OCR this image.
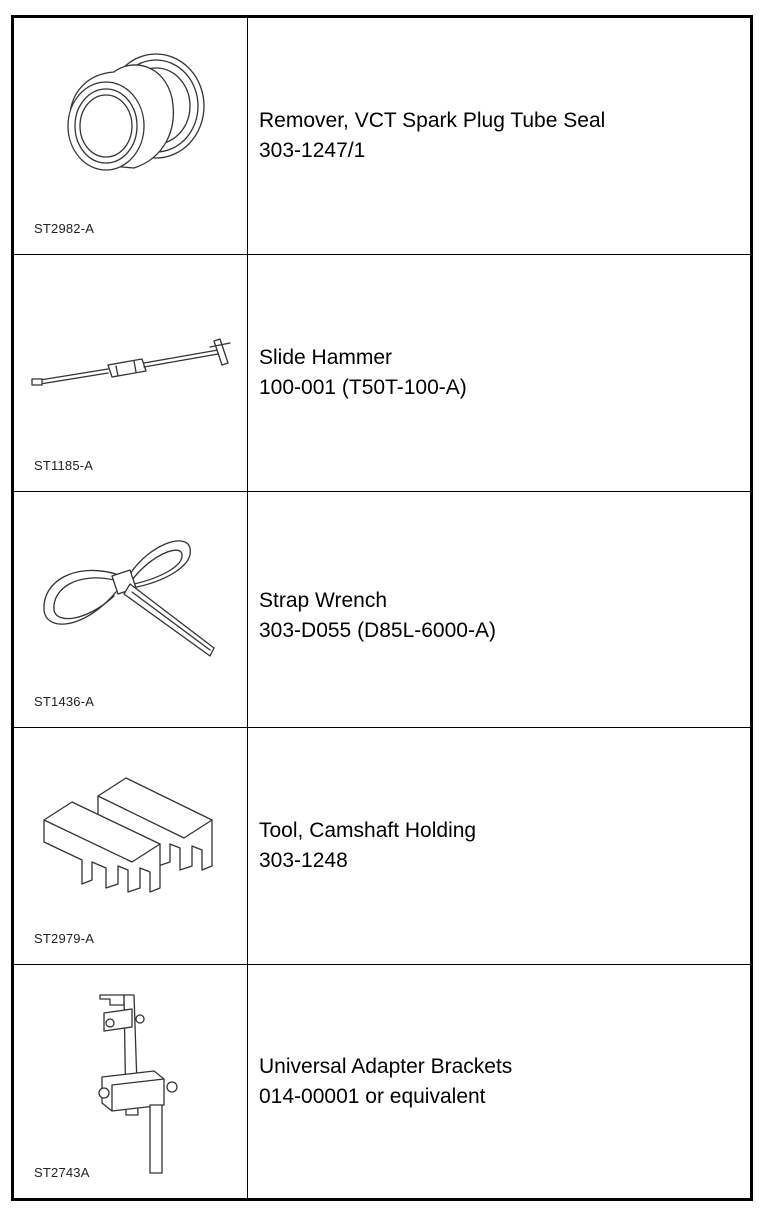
ST2982-A
Remover, VCT Spark Plug Tube Seal
303-1247/1
ST1185-A
Slide Hammer
100-001 (T50T-100-A)
ST1436-A
Strap Wrench
303-D055 (D85L-6000-A)
ST2979-A
Tool, Camshaft Holding
303-1248
ST2743A
Universal Adapter Brackets
014-00001 or equivalent
